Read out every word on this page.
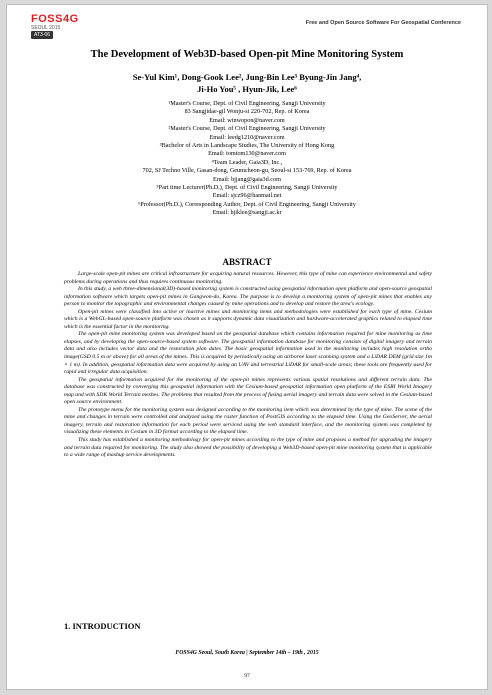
FOSS4G
SEOUL 2015
AT3-06
Free and Open Source Software For Geospatial Conference
The Development of Web3D-based Open-pit Mine Monitoring System
Se-Yul Kim¹, Dong-Gook Lee², Jung-Bin Lee³ Byung-Jin Jang⁴,
Ji-Ho You⁵ , Hyun-Jik, Lee⁶
¹Master's Course, Dept. of Civil Engineering, Sangji University
83 Sangjidae-gil Wonju-si 220-702, Rep. of Korea
Email: winwopon@naver.com
²Master's Course, Dept. of Civil Engineering, Sangji University
Email: leedg1210@naver.com
³Bachelor of Arts in Landscape Studies, The University of Hong Kong
Email: tomtom130@naver.com
⁴Team Leader, Gaia3D, Inc.,
702, SJ Techno Ville, Gasan-dong, Geumcheon-gu, Seoul-si 153-769, Rep. of Korea
Email: bjjang@gaia3d.com
⁵Part time Lecturer(Ph.D.), Dept. of Civil Engineering, Sangji University
Email: sjcz96@hanmail.net
⁶Professor(Ph.D.), Corresponding Author, Dept. of Civil Engineering, Sangji University
Email: hjiklee@sangji.ac.kr
ABSTRACT

Large-scale open-pit mines are critical infrastructure for acquiring natural resources. However, this type of mine can experience environmental and safety problems during operations and thus requires continuous monitoring.

In this study, a web three-dimensional(3D)-based monitoring system is constructed using geospatial information open platform and open-source geospatial information software which targets open-pit mines in Gangwon-do, Korea. The purpose is to develop a monitoring system of open-pit mines that enables any person to monitor the topographic and environmental changes caused by mine operations and to develop and restore the area's ecology.

Open-pit mines were classified into active or inactive mines and monitoring items and methodologies were established for each type of mine. Cesium which is a WebGL-based open-source platform was chosen as it supports dynamic data visualization and hardware-accelerated graphics related to elapsed time which is the essential factor in the monitoring.

The open-pit mine monitoring system was developed based on the geospatial database which contains information required for mine monitoring as time elapses, and by developing the open-source-based system software. The geospatial information database for monitoring consists of digital imagery and terrain data and also includes vector data and the restoration plan dates. The basic geospatial information used in the monitoring includes high resolution ortho image(GSD 0.5 m or above) for all areas of the mines. This is acquired by periodically using an airborne laser scanning system and a LiDAR DEM (grid size 1m × 1 m). In addition, geospatial information data were acquired by using an UAV and terrestrial LiDAR for small-scale areas; these tools are frequently used for rapid and irregular data acquisition.

The geospatial information acquired for the monitoring of the open-pit mines represents various spatial resolutions and different terrain data. The database was constructed by converging this geospatial information with the Cesium-based geospatial information open platform of the ESRI World Imagery map and with SDK World Terrain meshes. The problems that resulted from the process of fusing aerial imagery and terrain data were solved in the Cesium-based open source environment.

The prototype menu for the monitoring system was designed according to the monitoring item which was determined by the type of mine. The scene of the mine and changes in terrain were controlled and analyzed using the raster function of PostGIS according to the elapsed time. Using the GeoServer, the aerial imagery, terrain and restoration information for each period were serviced using the web standard interface, and the monitoring system was completed by visualizing these elements in Cesium in 3D format according to the elapsed time.

This study has established a monitoring methodology for open-pit mines according to the type of mine and proposes a method for upgrading the imagery and terrain data required for monitoring. The study also showed the possibility of developing a Web3D-based open-pit mine monitoring system that is applicable to a wide range of mashup service developments.

1. INTRODUCTION
FOSS4G Seoul, South Korea | September 14th – 19th , 2015
97
